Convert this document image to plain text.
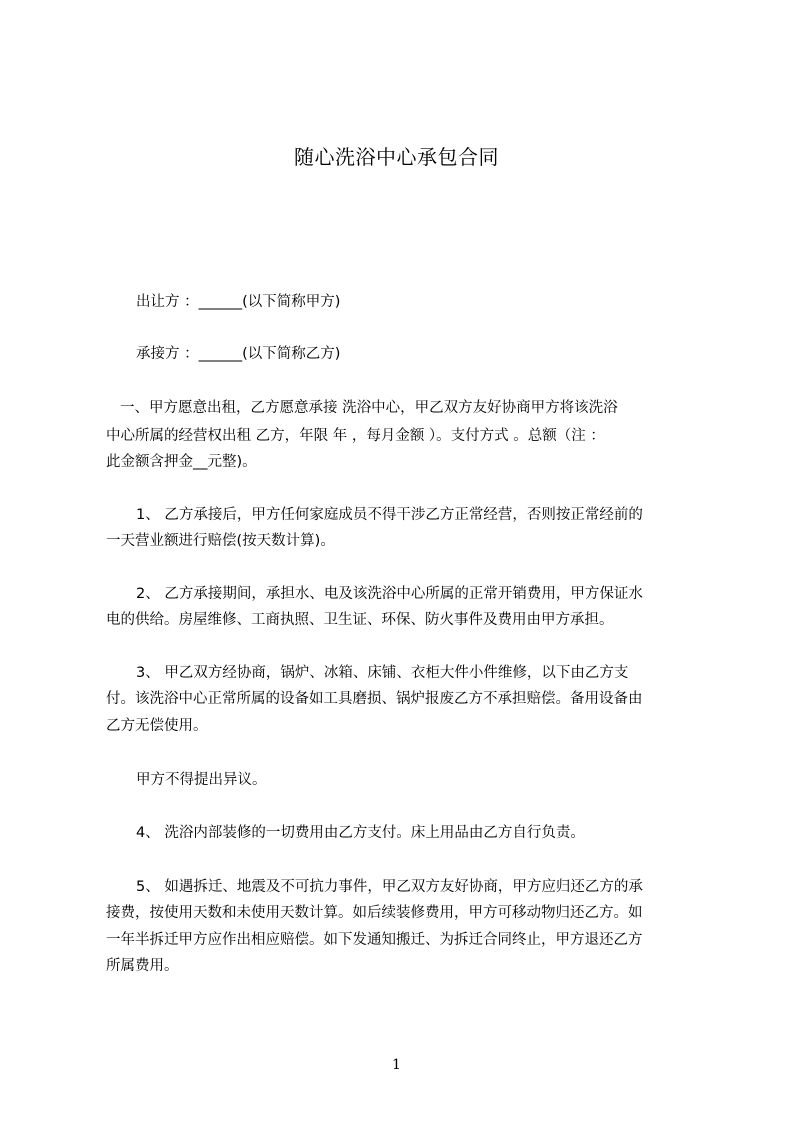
随心洗浴中心承包合同
出让方 ：______(以下简称甲方)
承接方 ：______(以下简称乙方)
一、甲方愿意出租，乙方愿意承接 洗浴中心，甲乙双方友好协商甲方将该洗浴
中心所属的经营权出租 乙方，年限 年 ，每月金额 ）。支付方式 。总额（注 ：
此金额含押金__元整)。
1、 乙方承接后，甲方任何家庭成员不得干涉乙方正常经营，否则按正常经前的
一天营业额进行赔偿(按天数计算)。
2、 乙方承接期间，承担水、电及该洗浴中心所属的正常开销费用，甲方保证水
电的供给。房屋维修、工商执照、卫生证、环保、防火事件及费用由甲方承担。
3、 甲乙双方经协商，锅炉、冰箱、床铺、衣柜大件小件维修，以下由乙方支
付。该洗浴中心正常所属的设备如工具磨损、锅炉报废乙方不承担赔偿。备用设备由
乙方无偿使用。
甲方不得提出异议。
4、 洗浴内部装修的一切费用由乙方支付。床上用品由乙方自行负责。
5、 如遇拆迁、地震及不可抗力事件，甲乙双方友好协商，甲方应归还乙方的承
接费，按使用天数和未使用天数计算。如后续装修费用，甲方可移动物归还乙方。如
一年半拆迁甲方应作出相应赔偿。如下发通知搬迁、为拆迁合同终止，甲方退还乙方
所属费用。
1
